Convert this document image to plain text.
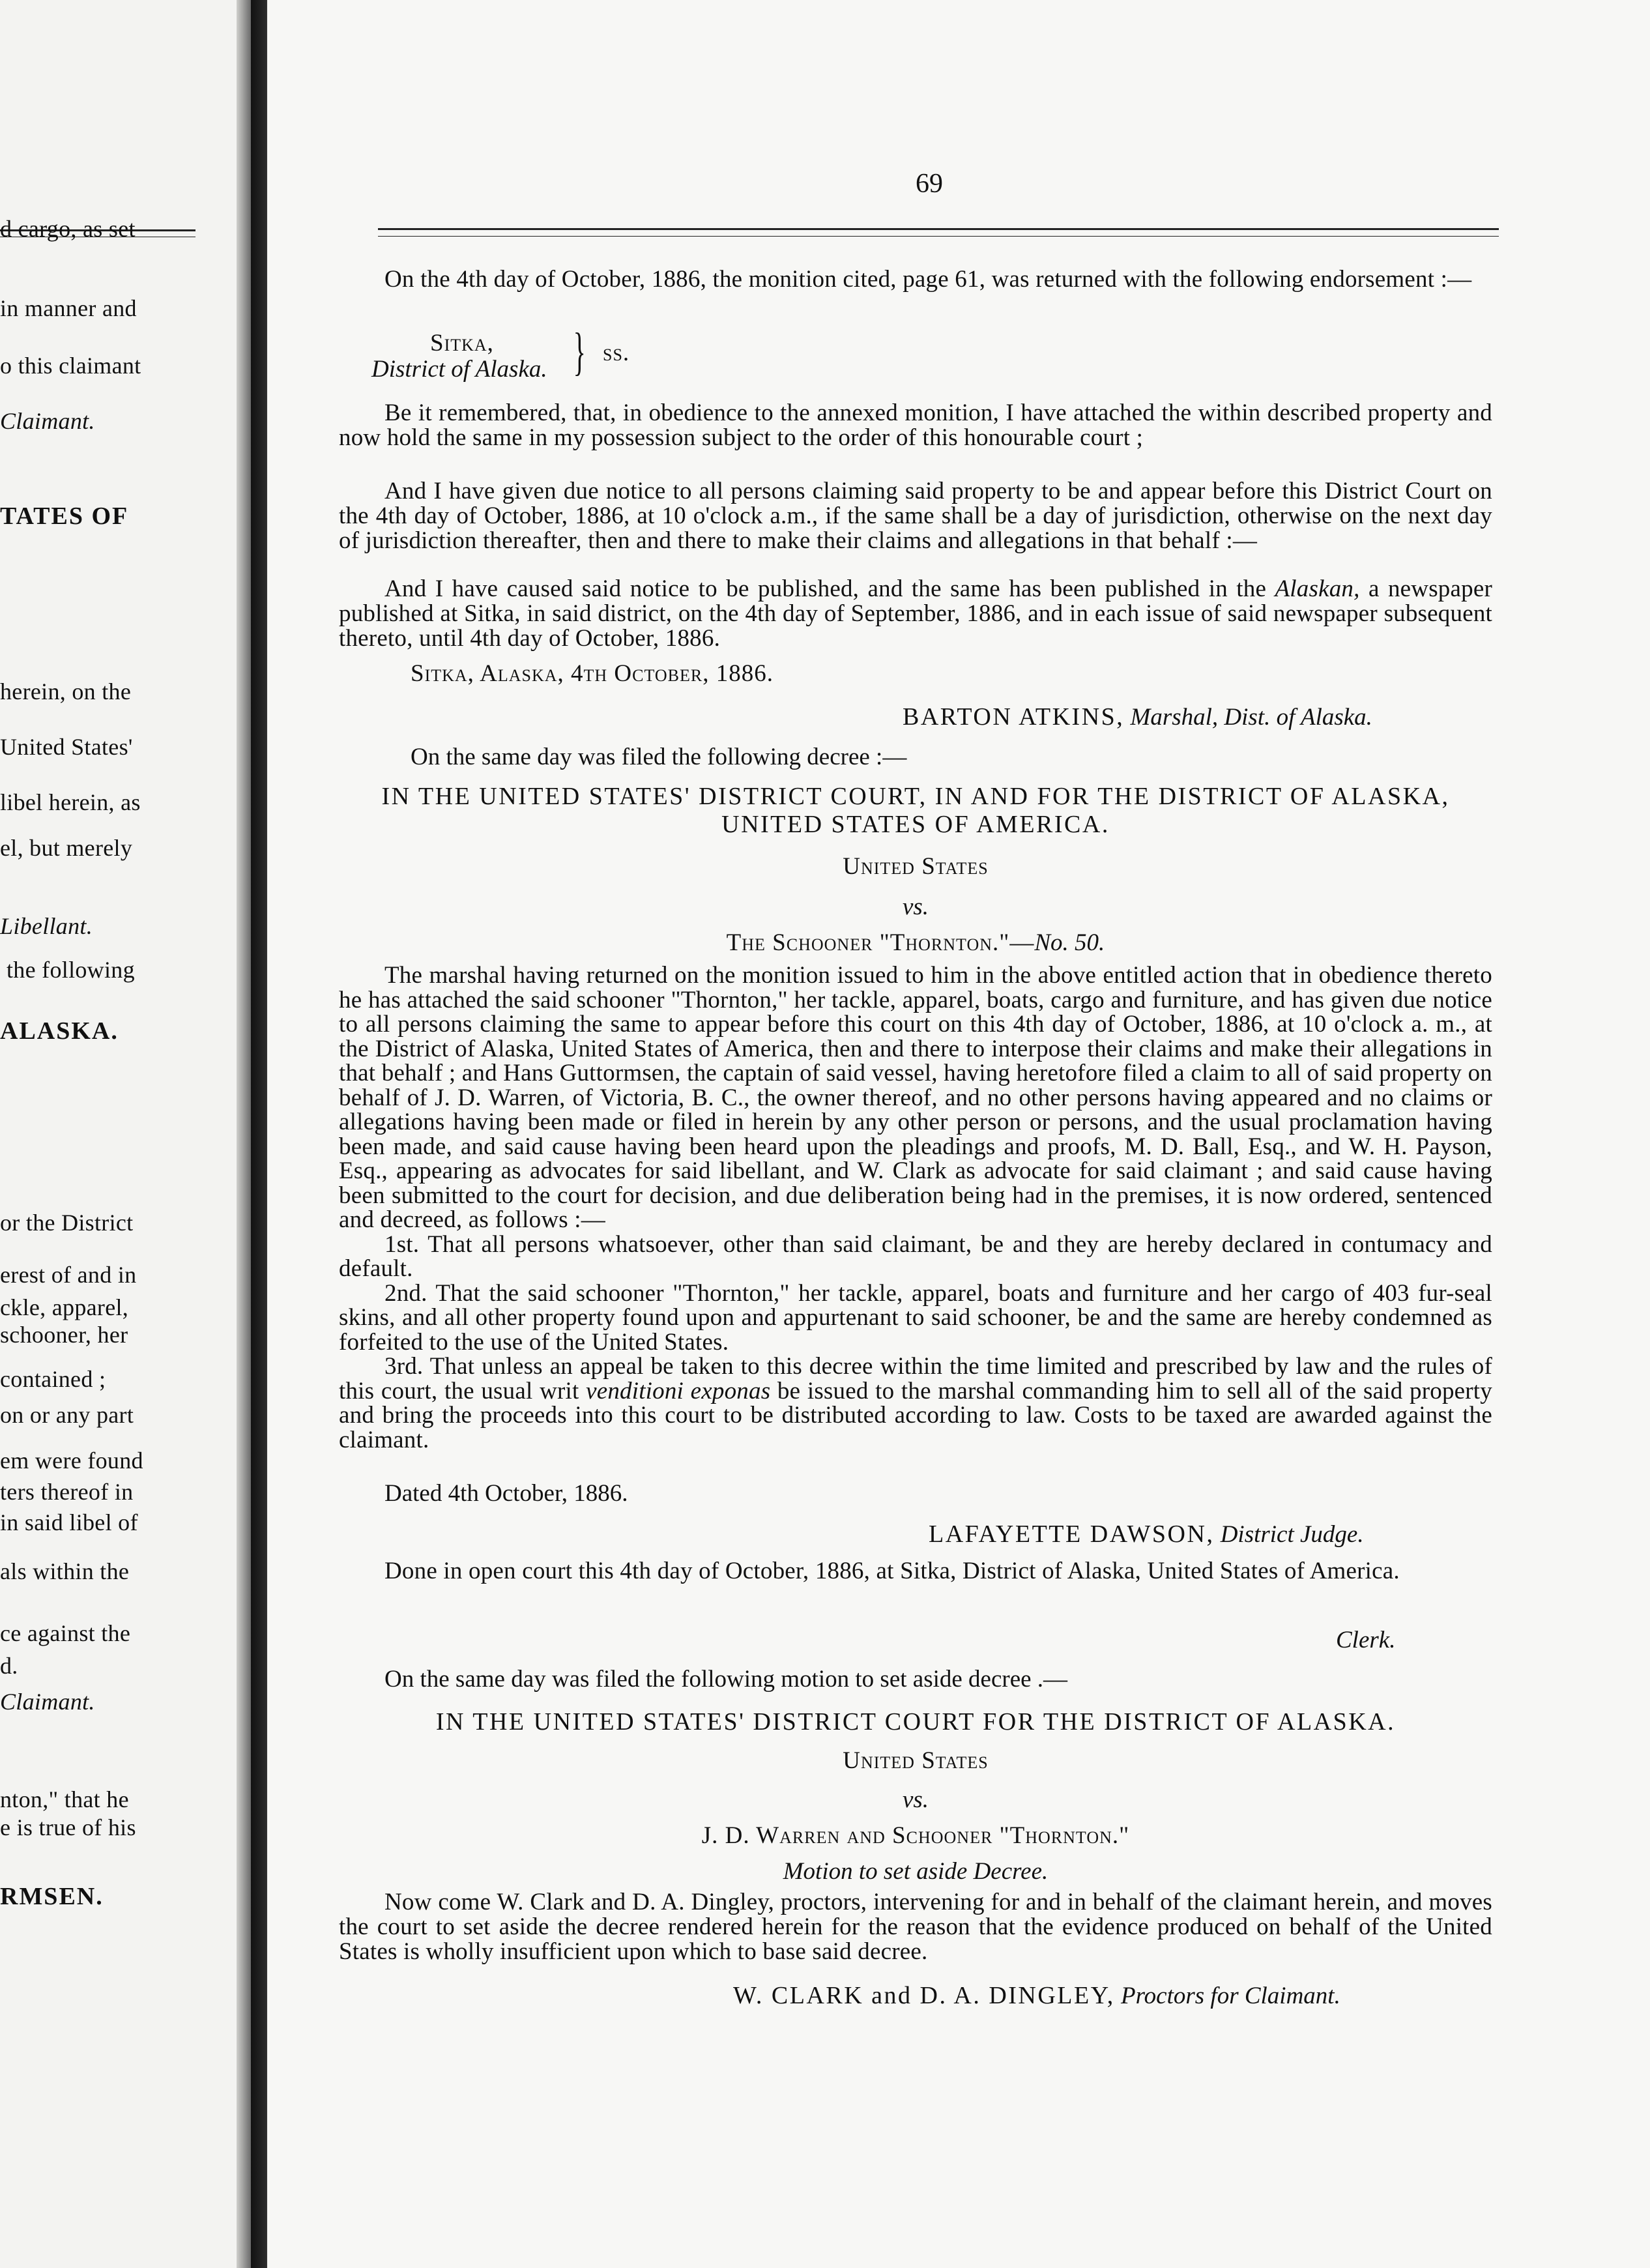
d cargo, as set
in manner and
o this claimant
Claimant.
TATES OF
herein, on the
United States'
libel herein, as
el, but merely
Libellant.
the following
ALASKA.
or the District
erest of and in
ckle, apparel,
schooner, her
contained ;
on or any part
em were found
ters thereof in
in said libel of
als within the
ce against the
d.
Claimant.
nton," that he
e is true of his
RMSEN.
69

On the 4th day of October, 1886, the monition cited, page 61, was returned with the following endorsement :—

Sitka,
District of Alaska. } ss.

Be it remembered, that, in obedience to the annexed monition, I have attached the within described property and now hold the same in my possession subject to the order of this honourable court ;

And I have given due notice to all persons claiming said property to be and appear before this District Court on the 4th day of October, 1886, at 10 o'clock a.m., if the same shall be a day of jurisdiction, otherwise on the next day of jurisdiction thereafter, then and there to make their claims and allegations in that behalf :—

And I have caused said notice to be published, and the same has been published in the Alaskan, a newspaper published at Sitka, in said district, on the 4th day of September, 1886, and in each issue of said newspaper subsequent thereto, until 4th day of October, 1886.

Sitka, Alaska, 4th October, 1886.
BARTON ATKINS, Marshal, Dist. of Alaska.
On the same day was filed the following decree :—
IN THE UNITED STATES' DISTRICT COURT, IN AND FOR THE DISTRICT OF ALASKA,
UNITED STATES OF AMERICA.
United States
vs.
The Schooner "Thornton."—No. 50.

The marshal having returned on the monition issued to him in the above entitled action that in obedience thereto he has attached the said schooner "Thornton," her tackle, apparel, boats, cargo and furniture, and has given due notice to all persons claiming the same to appear before this court on this 4th day of October, 1886, at 10 o'clock a. m., at the District of Alaska, United States of America, then and there to interpose their claims and make their allegations in that behalf ; and Hans Guttormsen, the captain of said vessel, having heretofore filed a claim to all of said property on behalf of J. D. Warren, of Victoria, B. C., the owner thereof, and no other persons having appeared and no claims or allegations having been made or filed in herein by any other person or persons, and the usual proclamation having been made, and said cause having been heard upon the pleadings and proofs, M. D. Ball, Esq., and W. H. Payson, Esq., appearing as advocates for said libellant, and W. Clark as advocate for said claimant ; and said cause having been submitted to the court for decision, and due deliberation being had in the premises, it is now ordered, sentenced and decreed, as follows :—

1st. That all persons whatsoever, other than said claimant, be and they are hereby declared in contumacy and default.

2nd. That the said schooner "Thornton," her tackle, apparel, boats and furniture and her cargo of 403 fur-seal skins, and all other property found upon and appurtenant to said schooner, be and the same are hereby condemned as forfeited to the use of the United States.

3rd. That unless an appeal be taken to this decree within the time limited and prescribed by law and the rules of this court, the usual writ venditioni exponas be issued to the marshal commanding him to sell all of the said property and bring the proceeds into this court to be distributed according to law. Costs to be taxed are awarded against the claimant.

Dated 4th October, 1886.
LAFAYETTE DAWSON, District Judge.

Done in open court this 4th day of October, 1886, at Sitka, District of Alaska, United States of America.

Clerk.
On the same day was filed the following motion to set aside decree .—
IN THE UNITED STATES' DISTRICT COURT FOR THE DISTRICT OF ALASKA.
United States
vs.
J. D. Warren and Schooner "Thornton."
Motion to set aside Decree.

Now come W. Clark and D. A. Dingley, proctors, intervening for and in behalf of the claimant herein, and moves the court to set aside the decree rendered herein for the reason that the evidence produced on behalf of the United States is wholly insufficient upon which to base said decree.

W. CLARK and D. A. DINGLEY, Proctors for Claimant.
